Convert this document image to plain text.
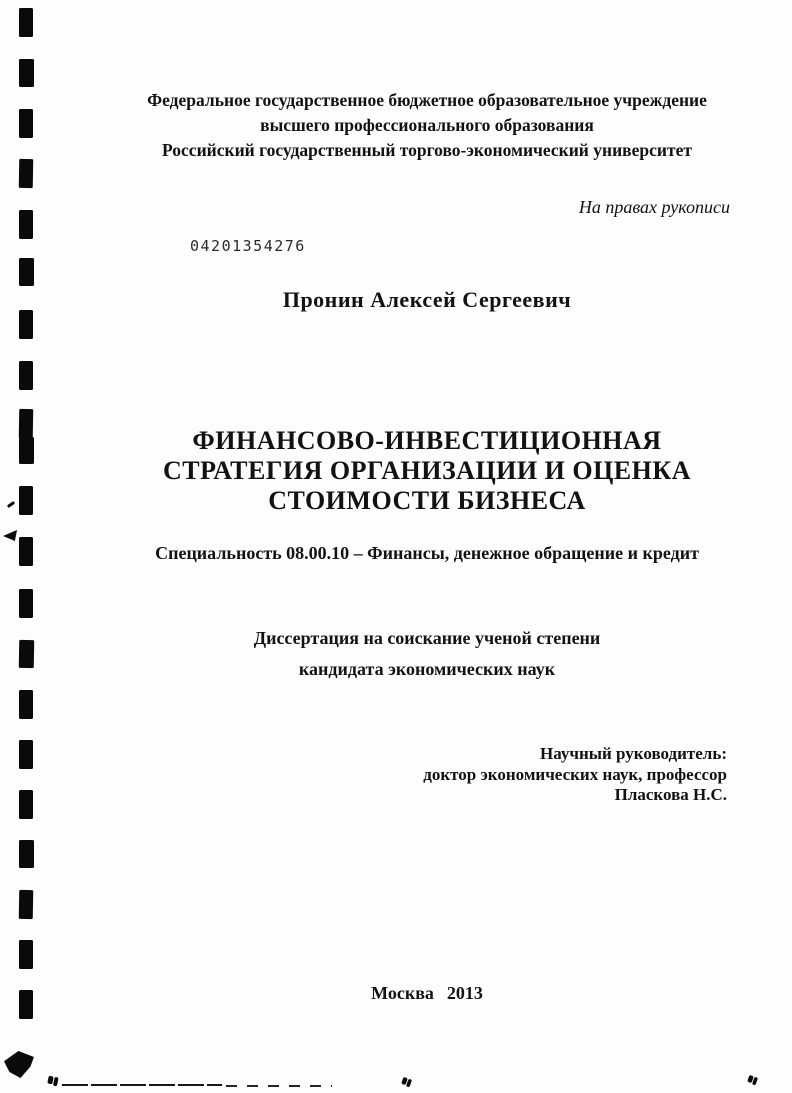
Федеральное государственное бюджетное образовательное учреждение
высшего профессионального образования
Российский государственный торгово-экономический университет
На правах рукописи
04201354276
Пронин Алексей Сергеевич
ФИНАНСОВО-ИНВЕСТИЦИОННАЯ
СТРАТЕГИЯ ОРГАНИЗАЦИИ И ОЦЕНКА
СТОИМОСТИ БИЗНЕСА
Специальность 08.00.10 – Финансы, денежное обращение и кредит
Диссертация на соискание ученой степени
кандидата экономических наук
Научный руководитель:
доктор экономических наук, профессор
Пласкова Н.С.
Москва 2013
